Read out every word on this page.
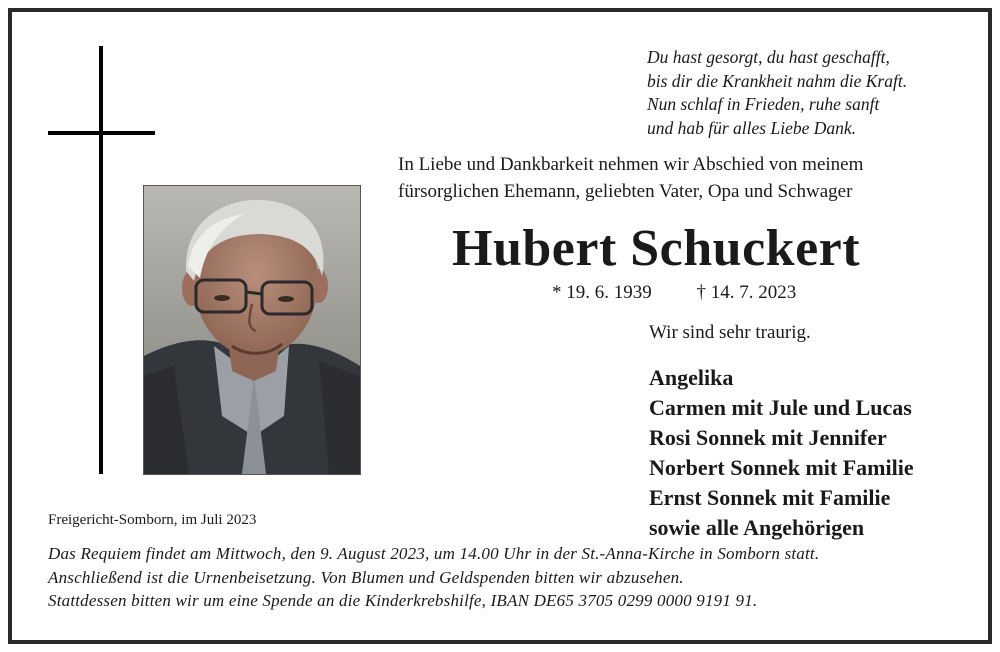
Du hast gesorgt, du hast geschafft,
bis dir die Krankheit nahm die Kraft.
Nun schlaf in Frieden, ruhe sanft
und hab für alles Liebe Dank.
In Liebe und Dankbarkeit nehmen wir Abschied von meinem
fürsorglichen Ehemann, geliebten Vater, Opa und Schwager
Hubert Schuckert
* 19. 6. 1939 † 14. 7. 2023
Wir sind sehr traurig.
Angelika
Carmen mit Jule und Lucas
Rosi Sonnek mit Jennifer
Norbert Sonnek mit Familie
Ernst Sonnek mit Familie
sowie alle Angehörigen
Freigericht-Somborn, im Juli 2023
Das Requiem findet am Mittwoch, den 9. August 2023, um 14.00 Uhr in der St.-Anna-Kirche in Somborn statt.
Anschließend ist die Urnenbeisetzung. Von Blumen und Geldspenden bitten wir abzusehen.
Stattdessen bitten wir um eine Spende an die Kinderkrebshilfe, IBAN DE65 3705 0299 0000 9191 91.
